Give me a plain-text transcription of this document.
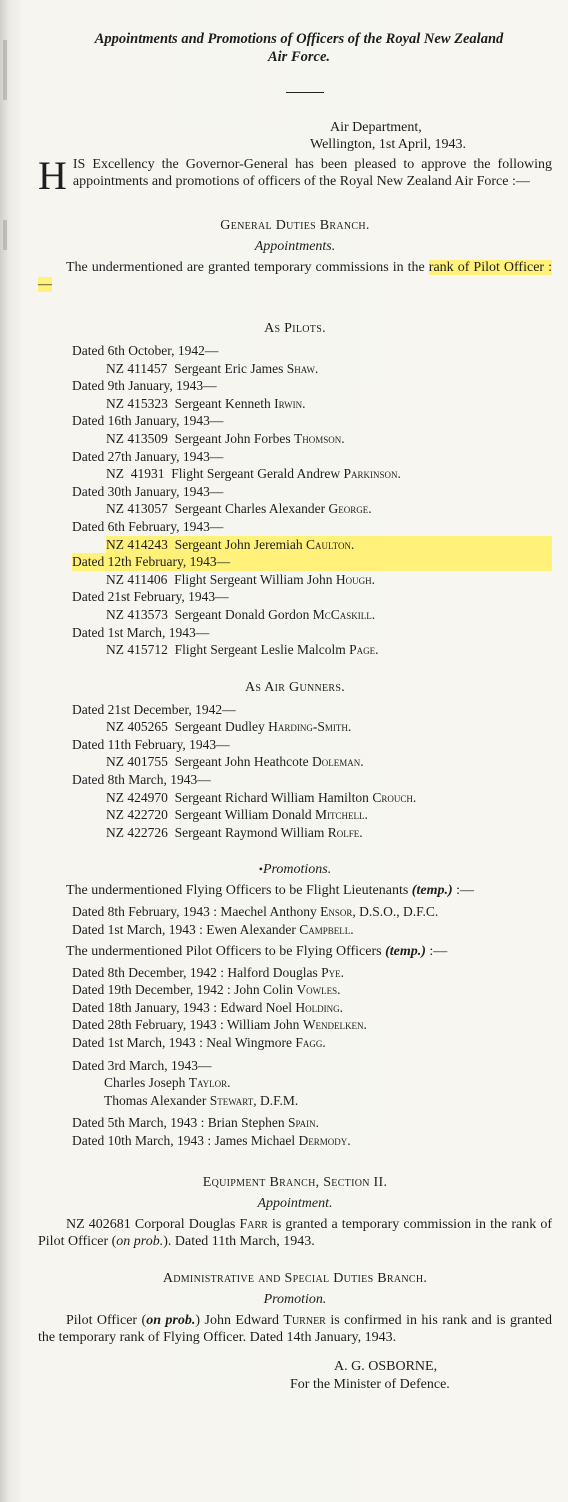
Appointments and Promotions of Officers of the Royal New Zealand
Air Force.

Air Department,
Wellington, 1st April, 1943.

HIS Excellency the Governor-General has been pleased to approve the following appointments and promotions of officers of the Royal New Zealand Air Force :—

General Duties Branch.
Appointments.

The undermentioned are granted temporary commissions in the rank of Pilot Officer :—

As Pilots.
Dated 6th October, 1942—
NZ 411457 Sergeant Eric James Shaw.
Dated 9th January, 1943—
NZ 415323 Sergeant Kenneth Irwin.
Dated 16th January, 1943—
NZ 413509 Sergeant John Forbes Thomson.
Dated 27th January, 1943—
NZ  41931 Flight Sergeant Gerald Andrew Parkinson.
Dated 30th January, 1943—
NZ 413057 Sergeant Charles Alexander George.
Dated 6th February, 1943—
NZ 414243 Sergeant John Jeremiah Caulton.
Dated 12th February, 1943—
NZ 411406 Flight Sergeant William John Hough.
Dated 21st February, 1943—
NZ 413573 Sergeant Donald Gordon McCaskill.
Dated 1st March, 1943—
NZ 415712 Flight Sergeant Leslie Malcolm Page.
As Air Gunners.
Dated 21st December, 1942—
NZ 405265 Sergeant Dudley Harding-Smith.
Dated 11th February, 1943—
NZ 401755 Sergeant John Heathcote Doleman.
Dated 8th March, 1943—
NZ 424970 Sergeant Richard William Hamilton Crouch.
NZ 422720 Sergeant William Donald Mitchell.
NZ 422726 Sergeant Raymond William Rolfe.
•Promotions.

The undermentioned Flying Officers to be Flight Lieutenants (temp.) :—

Dated 8th February, 1943 : Maechel Anthony Ensor, D.S.O., D.F.C.
Dated 1st March, 1943 : Ewen Alexander Campbell.

The undermentioned Pilot Officers to be Flying Officers (temp.) :—

Dated 8th December, 1942 : Halford Douglas Pye.
Dated 19th December, 1942 : John Colin Vowles.
Dated 18th January, 1943 : Edward Noel Holding.
Dated 28th February, 1943 : William John Wendelken.
Dated 1st March, 1943 : Neal Wingmore Fagg.
Dated 3rd March, 1943—
Charles Joseph Taylor.
Thomas Alexander Stewart, D.F.M.
Dated 5th March, 1943 : Brian Stephen Spain.
Dated 10th March, 1943 : James Michael Dermody.
Equipment Branch, Section II.
Appointment.

NZ 402681 Corporal Douglas Farr is granted a temporary commission in the rank of Pilot Officer (on prob.). Dated 11th March, 1943.

Administrative and Special Duties Branch.
Promotion.

Pilot Officer (on prob.) John Edward Turner is confirmed in his rank and is granted the temporary rank of Flying Officer. Dated 14th January, 1943.

A. G. OSBORNE,
For the Minister of Defence.
